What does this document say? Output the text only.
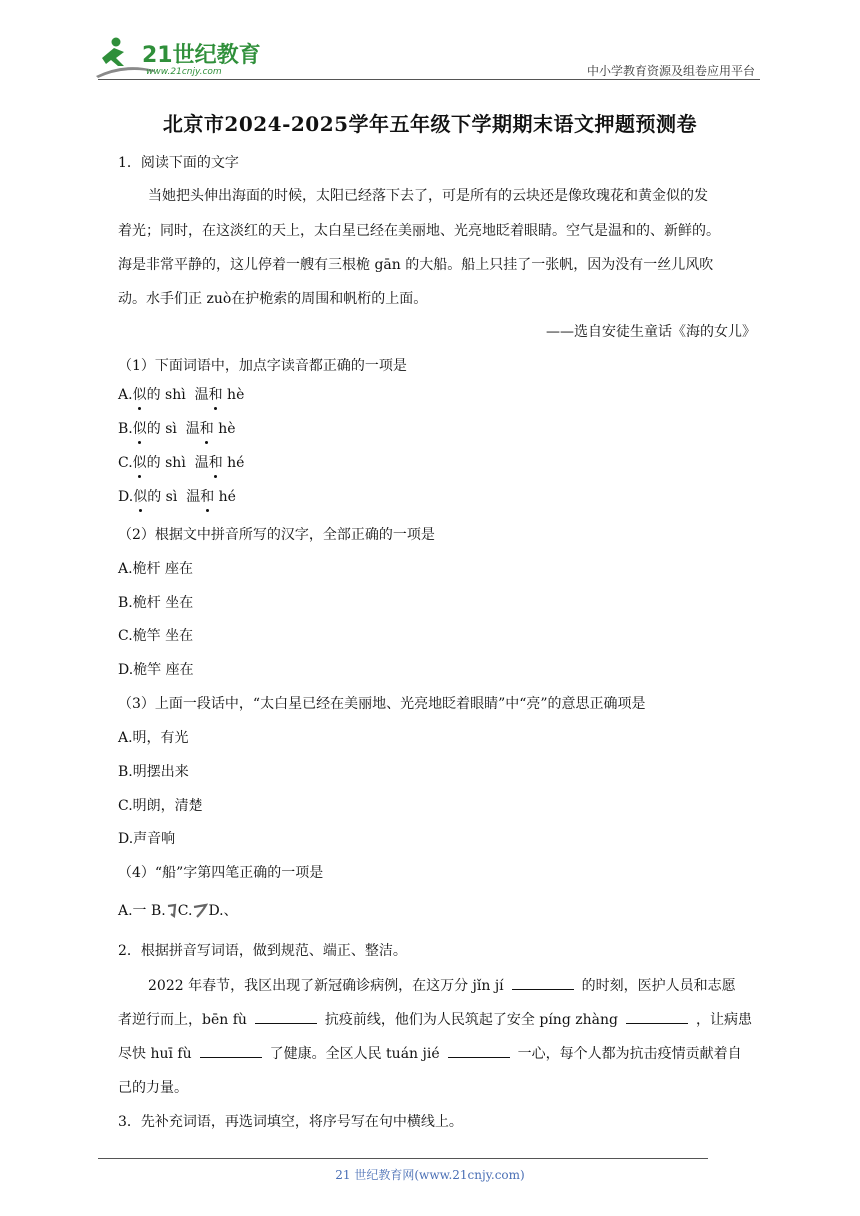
21世纪教育
www.21cnjy.com	中小学教育资源及组卷应用平台
北京市2024-2025学年五年级下学期期末语文押题预测卷
1．阅读下面的文字
当她把头伸出海面的时候，太阳已经落下去了，可是所有的云块还是像玫瑰花和黄金似的发
着光；同时，在这淡红的天上，太白星已经在美丽地、光亮地眨着眼睛。空气是温和的、新鲜的。
海是非常平静的，这儿停着一艘有三根桅 gān 的大船。船上只挂了一张帆，因为没有一丝儿风吹
动。水手们正 zuò在护桅索的周围和帆桁的上面。
——选自安徒生童话《海的女儿》
（1）下面词语中，加点字读音都正确的一项是
A.似的 shì 温和 hè
B.似的 sì 温和 hè
C.似的 shì 温和 hé
D.似的 sì 温和 hé
（2）根据文中拼音所写的汉字，全部正确的一项是
A.桅杆 座在
B.桅杆 坐在
C.桅竿 坐在
D.桅竿 座在
（3）上面一段话中，“太白星已经在美丽地、光亮地眨着眼睛”中“亮”的意思正确项是
A.明，有光
B.明摆出来
C.明朗，清楚
D.声音响
（4）“船”字第四笔正确的一项是
A.一 B. C. D.、
2．根据拼音写词语，做到规范、端正、整洁。
2022 年春节，我区出现了新冠确诊病例，在这万分 jǐn jí	的时刻，医护人员和志愿
者逆行而上，bēn fù	抗疫前线，他们为人民筑起了安全 píng zhàng	，让病患
尽快 huī fù	了健康。全区人民 tuán jié	一心，每个人都为抗击疫情贡献着自
己的力量。
3．先补充词语，再选词填空，将序号写在句中横线上。
21 世纪教育网(www.21cnjy.com)
